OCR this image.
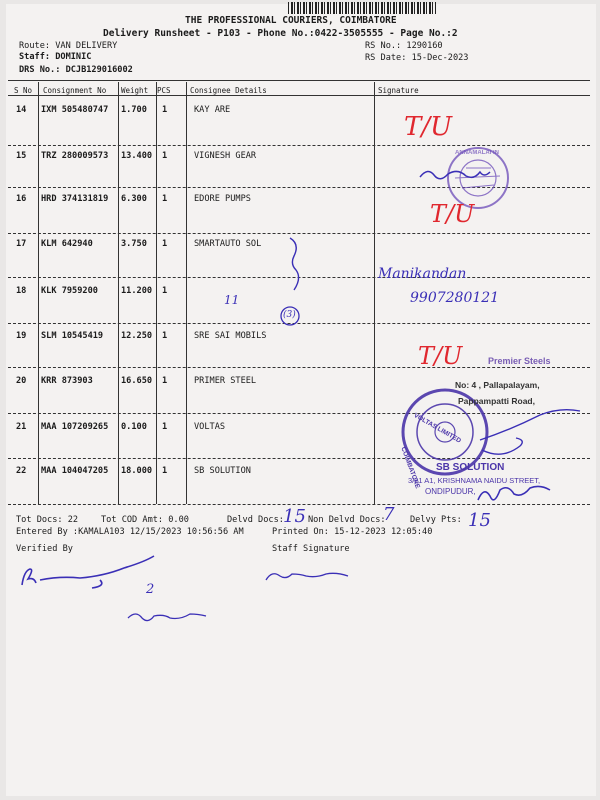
THE PROFESSIONAL COURIERS, COIMBATORE
Delivery Runsheet - P103 - Phone No.:0422-3505555 - Page No.:2
Route: VAN DELIVERY
Staff: DOMINIC
DRS No.: DCJB129016002
RS No.: 1290160
RS Date: 15-Dec-2023
S No Consignment No Weight PCS	Consignee Details	Signature
14 IXM 505480747 1.700 1	KAY ARE
15 TRZ 280009573 13.400 1	VIGNESH GEAR
16 HRD 374131819 6.300 1	EDORE PUMPS
17 KLM 642940	3.750 1	SMARTAUTO SOL
18 KLK 7959200	11.200 1
19 SLM 10545419 12.250 1	SRE SAI MOBILS
20 KRR 873903	16.650 1	PRIMER STEEL
21 MAA 107209265 0.100 1	VOLTAS
22 MAA 104047205 18.000 1	SB SOLUTION
Tot Docs: 22	Tot COD Amt: 0.00	Delvd Docs:	Non Delvd Docs:	Delvy Pts:
Entered By :KAMALA103 12/15/2023 10:56:56 AM	Printed On: 15-12-2023 12:05:40
Verified By	Staff Signature
T/U
T/U
T/U
11
(3)
Manikandan
9907280121
15	7	15
2
Premier Steels
No: 4 , Pallapalayam,
Pappampatti Road,
VOLTAS LIMITED
COIMBATORE SB SOLUTION
3/21 A1, KRISHNAMA NAIDU STREET,
ONDIPUDUR,
ANNAMALAI IN
